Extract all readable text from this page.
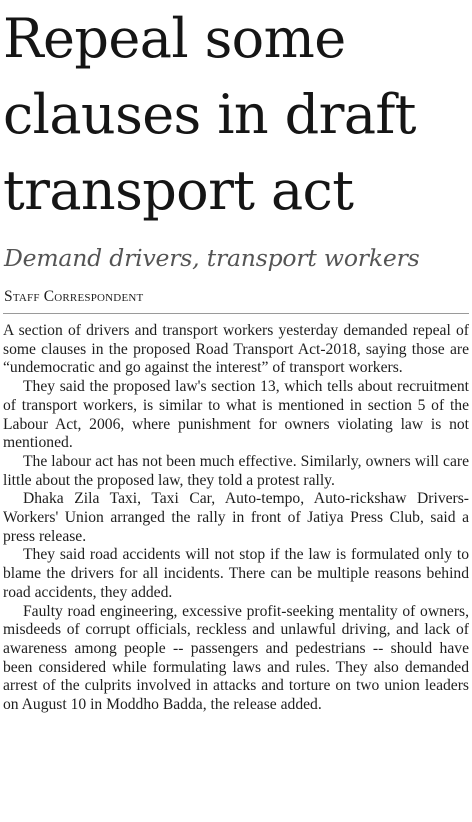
Repeal some
clauses in draft
transport act
Demand drivers, transport workers
Staff Correspondent

A section of drivers and transport workers yesterday demanded repeal of some clauses in the proposed Road Transport Act-2018, saying those are “undemocratic and go against the interest” of transport workers.

They said the proposed law's section 13, which tells about recruitment of transport workers, is similar to what is mentioned in section 5 of the Labour Act, 2006, where punishment for owners violating law is not mentioned.

The labour act has not been much effective. Similarly, owners will care little about the proposed law, they told a protest rally.

Dhaka Zila Taxi, Taxi Car, Auto-tempo, Auto-rickshaw Drivers-Workers' Union arranged the rally in front of Jatiya Press Club, said a press release.

They said road accidents will not stop if the law is formulated only to blame the drivers for all incidents. There can be multiple reasons behind road accidents, they added.

Faulty road engineering, excessive profit-seeking mentality of owners, misdeeds of corrupt officials, reckless and unlawful driving, and lack of awareness among people -- passengers and pedestrians -- should have been considered while formulating laws and rules. They also demanded arrest of the culprits involved in attacks and torture on two union leaders on August 10 in Moddho Badda, the release added.
